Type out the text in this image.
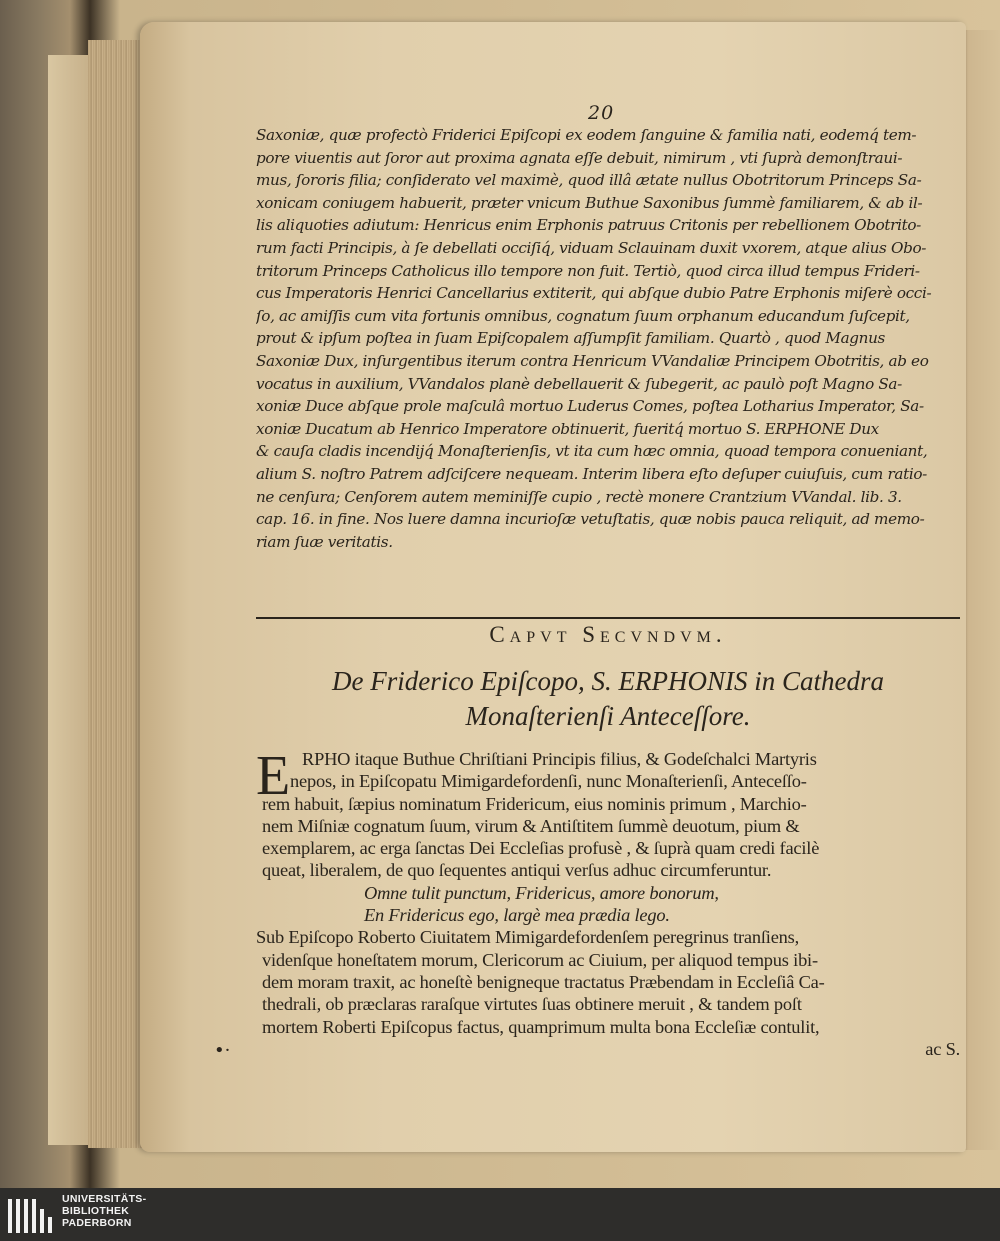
20
Saxoniæ, quæ profectò Friderici Epiſcopi ex eodem ſanguine & familia nati, eodemq́ tem-
pore viuentis aut ſoror aut proxima agnata eſſe debuit, nimirum , vti ſuprà demonſtraui-
mus, ſororis filia; conſiderato vel maximè, quod illâ ætate nullus Obotritorum Princeps Sa-
xonicam coniugem habuerit, præter vnicum Buthue Saxonibus ſummè familiarem, & ab il-
lis aliquoties adiutum: Henricus enim Erphonis patruus Critonis per rebellionem Obotrito-
rum facti Principis, à ſe debellati occiſiq́, viduam Sclauinam duxit vxorem, atque alius Obo-
tritorum Princeps Catholicus illo tempore non fuit. Tertiò, quod circa illud tempus Frideri-
cus Imperatoris Henrici Cancellarius extiterit, qui abſque dubio Patre Erphonis miſerè occi-
ſo, ac amiſſis cum vita fortunis omnibus, cognatum ſuum orphanum educandum ſuſcepit,
prout & ipſum poſtea in ſuam Epiſcopalem aſſumpſit familiam. Quartò , quod Magnus
Saxoniæ Dux, inſurgentibus iterum contra Henricum VVandaliæ Principem Obotritis, ab eo
vocatus in auxilium, VVandalos planè debellauerit & ſubegerit, ac paulò poſt Magno Sa-
xoniæ Duce abſque prole maſculâ mortuo Luderus Comes, poſtea Lotharius Imperator, Sa-
xoniæ Ducatum ab Henrico Imperatore obtinuerit, fueritq́ mortuo S. ERPHONE Dux
& cauſa cladis incendijq́ Monaſterienſis, vt ita cum hæc omnia, quoad tempora conueniant,
alium S. noſtro Patrem adſciſcere nequeam. Interim libera eſto deſuper cuiuſuis, cum ratio-
ne cenſura; Cenſorem autem meminiſſe cupio , rectè monere Crantzium VVandal. lib. 3.
cap. 16. in fine. Nos luere damna incurioſæ vetuſtatis, quæ nobis pauca reliquit, ad memo-
riam ſuæ veritatis.
Capvt Secvndvm.
De Friderico Epiſcopo, S. ERPHONIS in Cathedra
Monaſterienſi Anteceſſore.
E RPHO itaque Buthue Chriſtiani Principis filius, & Godeſchalci Martyris
nepos, in Epiſcopatu Mimigardefordenſi, nunc Monaſterienſi, Anteceſſo-
rem habuit, ſæpius nominatum Fridericum, eius nominis primum , Marchio-
nem Miſniæ cognatum ſuum, virum & Antiſtitem ſummè deuotum, pium &
exemplarem, ac erga ſanctas Dei Eccleſias profusè , & ſuprà quam credi facilè
queat, liberalem, de quo ſequentes antiqui verſus adhuc circumferuntur.
Omne tulit punctum, Fridericus, amore bonorum,
En Fridericus ego, largè mea prædia lego.
Sub Epiſcopo Roberto Ciuitatem Mimigardefordenſem peregrinus tranſiens,
videnſque honeſtatem morum, Clericorum ac Ciuium, per aliquod tempus ibi-
dem moram traxit, ac honeſtè benigneque tractatus Præbendam in Eccleſiâ Ca-
thedrali, ob præclaras raraſque virtutes ſuas obtinere meruit , & tandem poſt
mortem Roberti Epiſcopus factus, quamprimum multa bona Eccleſiæ contulit,
ac S.
•·
UNIVERSITÄTS-
BIBLIOTHEK
PADERBORN
